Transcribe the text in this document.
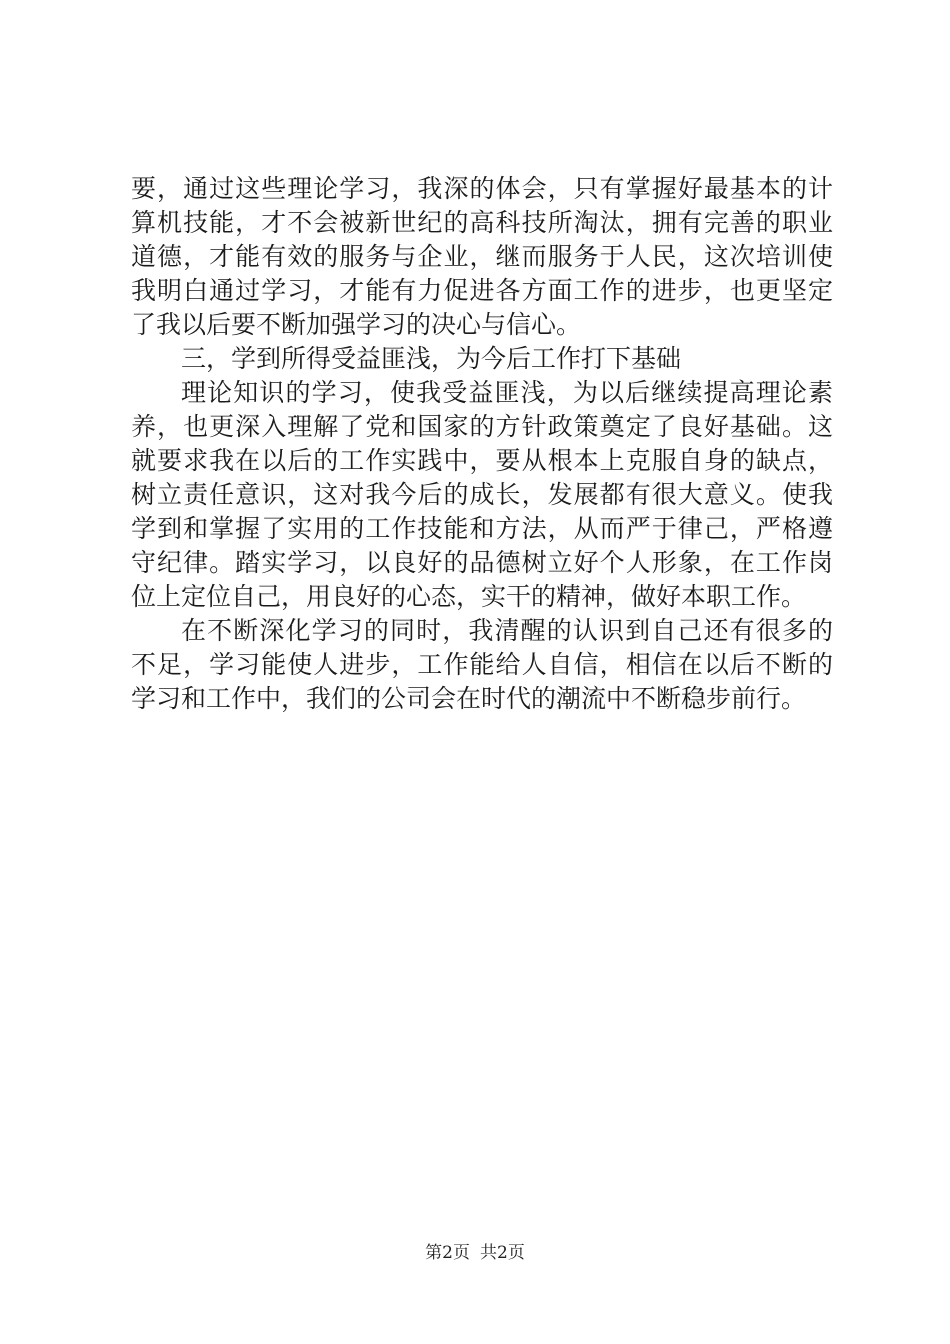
要，通过这些理论学习，我深的体会，只有掌握好最基本的计
算机技能，才不会被新世纪的高科技所淘汰，拥有完善的职业
道德，才能有效的服务与企业，继而服务于人民，这次培训使
我明白通过学习，才能有力促进各方面工作的进步，也更坚定
了我以后要不断加强学习的决心与信心。
三，学到所得受益匪浅，为今后工作打下基础
理论知识的学习，使我受益匪浅，为以后继续提高理论素
养，也更深入理解了党和国家的方针政策奠定了良好基础。这
就要求我在以后的工作实践中，要从根本上克服自身的缺点，
树立责任意识，这对我今后的成长，发展都有很大意义。使我
学到和掌握了实用的工作技能和方法，从而严于律己，严格遵
守纪律。踏实学习，以良好的品德树立好个人形象，在工作岗
位上定位自己，用良好的心态，实干的精神，做好本职工作。
在不断深化学习的同时，我清醒的认识到自己还有很多的
不足，学习能使人进步，工作能给人自信，相信在以后不断的
学习和工作中，我们的公司会在时代的潮流中不断稳步前行。
第2页 共2页
